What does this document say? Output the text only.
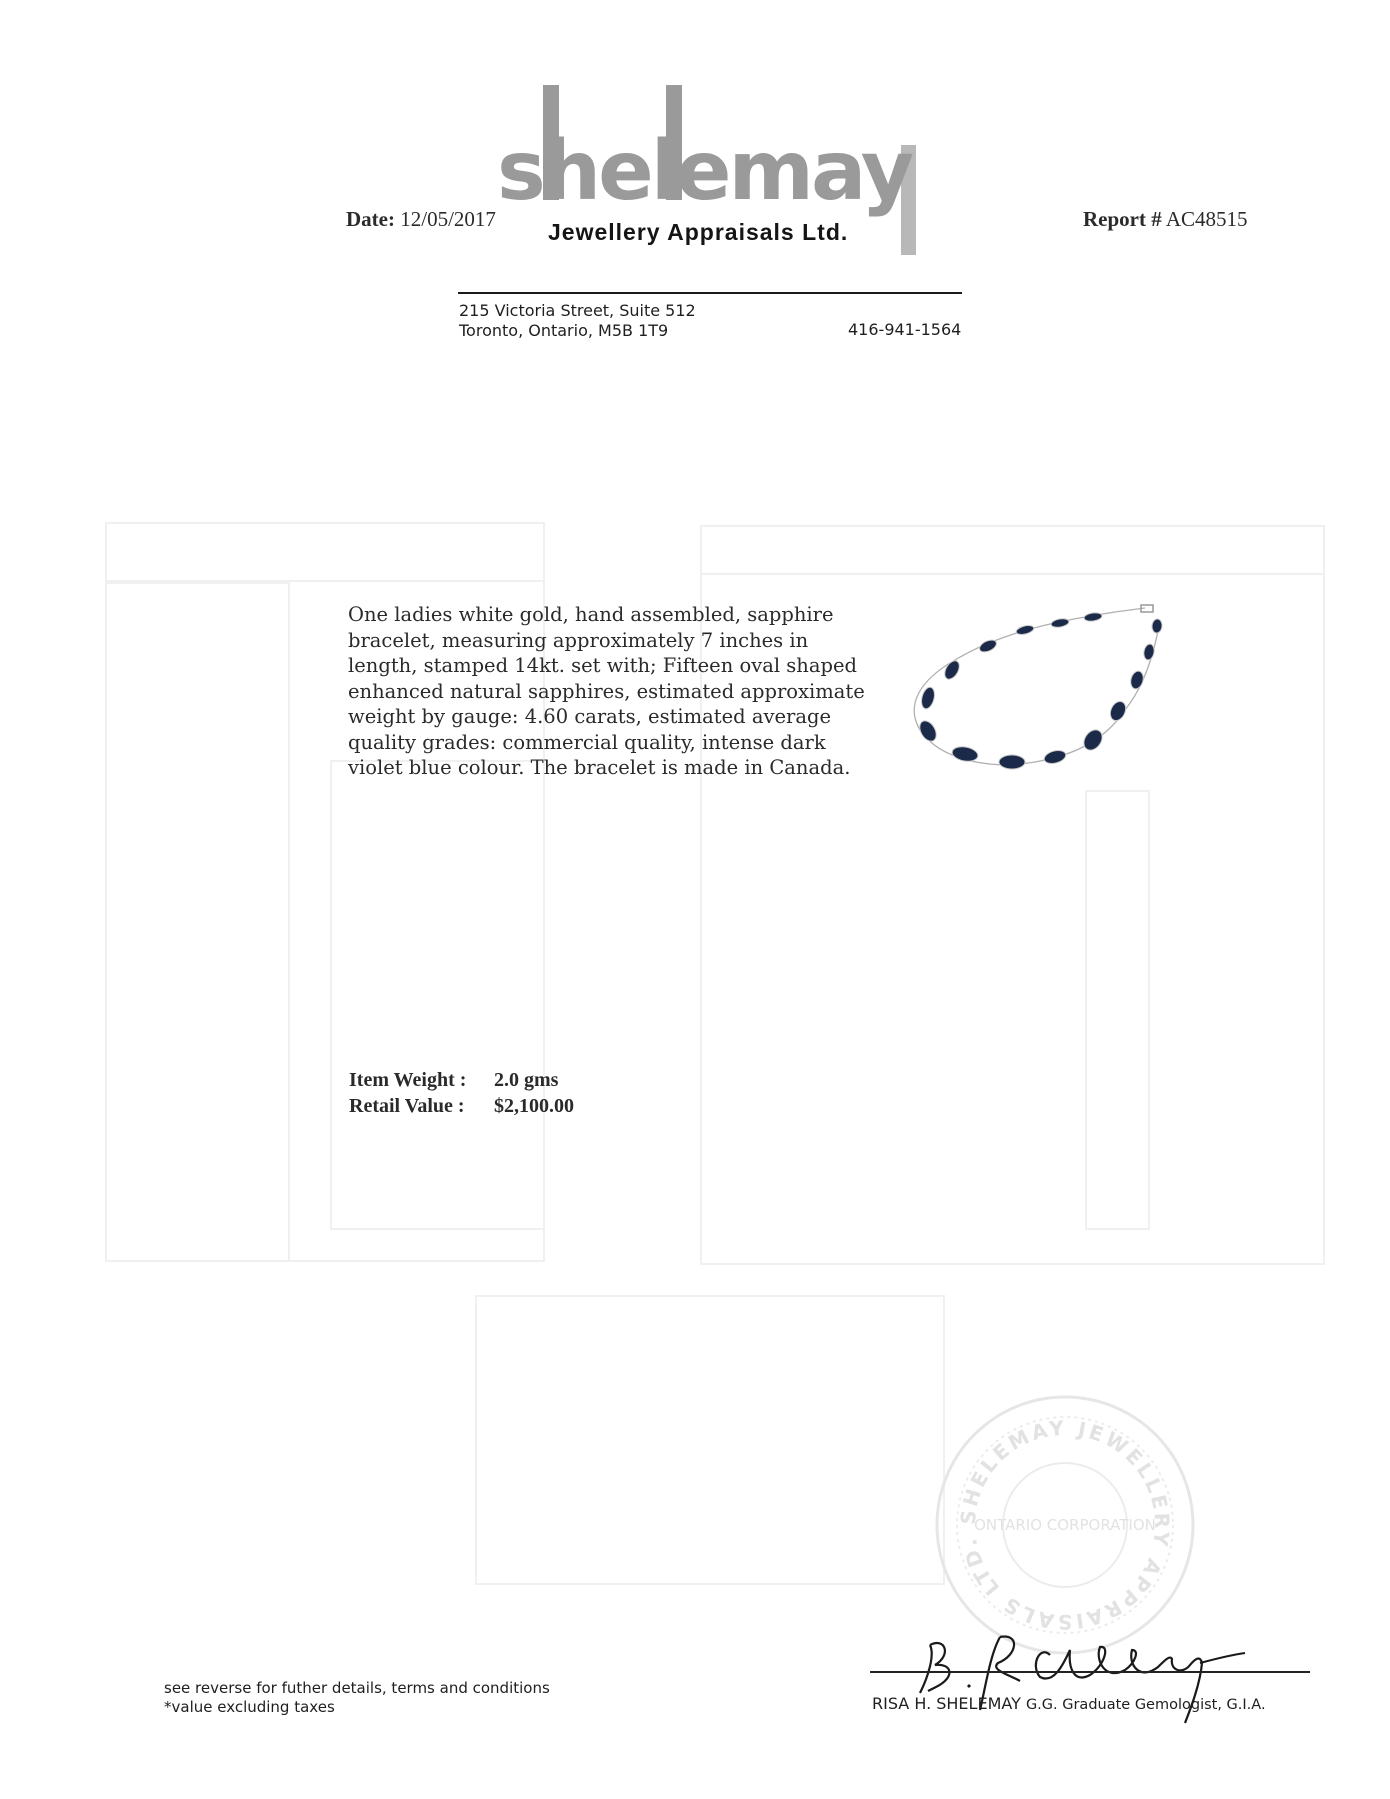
shelemay
Jewellery Appraisals Ltd.
Date: 12/05/2017	Report # AC48515
215 Victoria Street, Suite 512
Toronto, Ontario, M5B 1T9	416-941-1564
One ladies white gold, hand assembled, sapphire
bracelet, measuring approximately 7 inches in
length, stamped 14kt. set with; Fifteen oval shaped
enhanced natural sapphires, estimated approximate
weight by gauge: 4.60 carats, estimated average
quality grades: commercial quality, intense dark
violet blue colour. The bracelet is made in Canada.
Item Weight :	2.0 gms
Retail Value :	$2,100.00
SHELEMAY JEWELLERY APPRAISALS LTD.
ONTARIO CORPORATION
see reverse for futher details, terms and conditions
*value excluding taxes	RISA H. SHELEMAY G.G. Graduate Gemologist, G.I.A.
